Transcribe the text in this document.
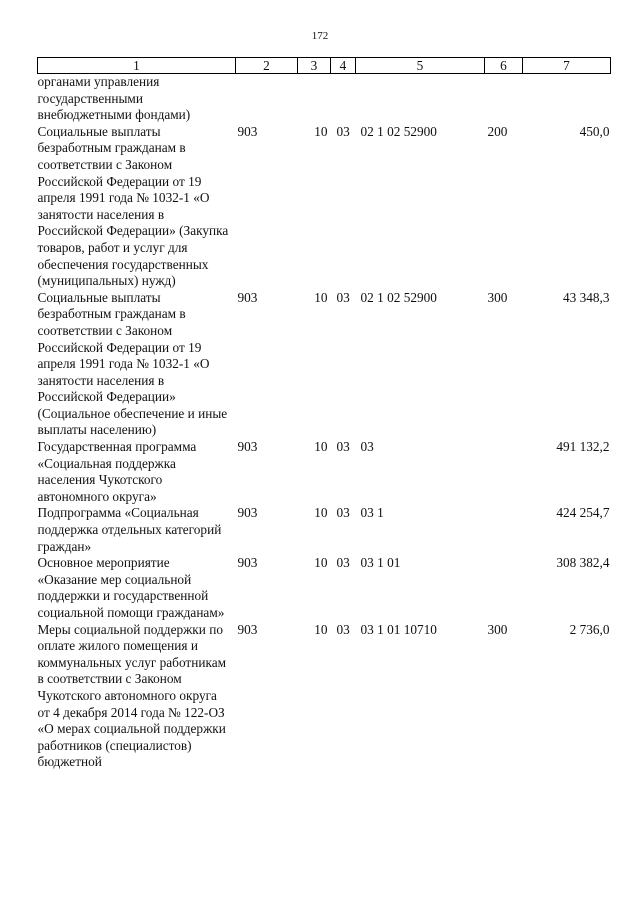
172
1	2	3	4	5	6	7
органами управления государственными внебюджетными фондами)						
Социальные выплаты безработным гражданам в соответствии с Законом Российской Федерации от 19 апреля 1991 года № 1032-1 «О занятости населения в Российской Федерации» (Закупка товаров, работ и услуг для обеспечения государственных (муниципальных) нужд)	903	10	03	02 1 02 52900	200	450,0
Социальные выплаты безработным гражданам в соответствии с Законом Российской Федерации от 19 апреля 1991 года № 1032-1 «О занятости населения в Российской Федерации» (Социальное обеспечение и иные выплаты населению)	903	10	03	02 1 02 52900	300	43 348,3
Государственная программа «Социальная поддержка населения Чукотского автономного округа»	903	10	03	03		491 132,2
Подпрограмма «Социальная поддержка отдельных категорий граждан»	903	10	03	03 1		424 254,7
Основное мероприятие «Оказание мер социальной поддержки и государственной социальной помощи гражданам»	903	10	03	03 1 01		308 382,4
Меры социальной поддержки по оплате жилого помещения и коммунальных услуг работникам в соответствии с Законом Чукотского автономного округа от 4 декабря 2014 года № 122-ОЗ «О мерах социальной поддержки работников (специалистов) бюджетной	903	10	03	03 1 01 10710	300	2 736,0
